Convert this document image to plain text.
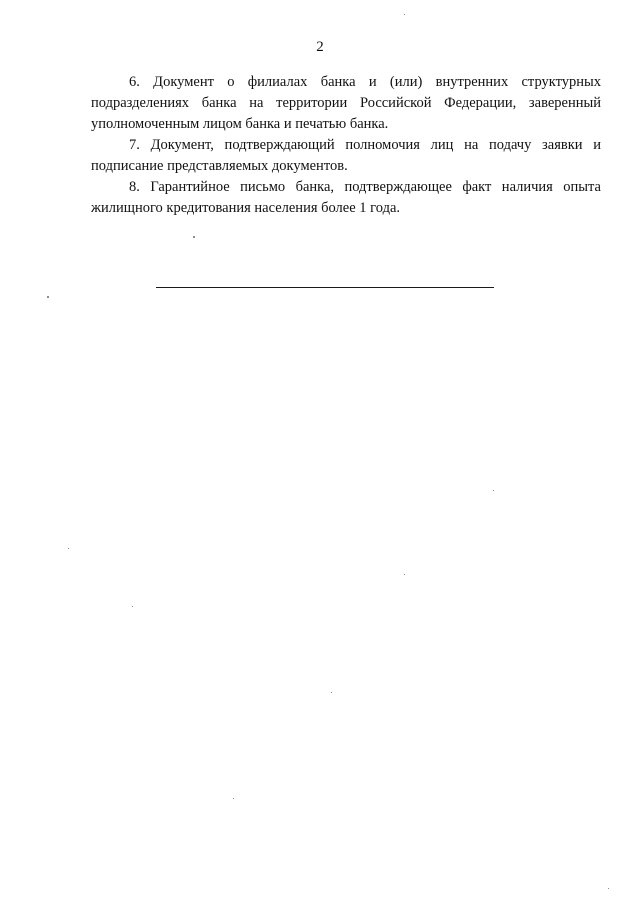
2

6. Документ о филиалах банка и (или) внутренних структурных
подразделениях банка на территории Российской Федерации, заверенный
уполномоченным лицом банка и печатью банка.

7. Документ, подтверждающий полномочия лиц на подачу заявки и
подписание представляемых документов.

8. Гарантийное письмо банка, подтверждающее факт наличия опыта
жилищного кредитования населения более 1 года.
